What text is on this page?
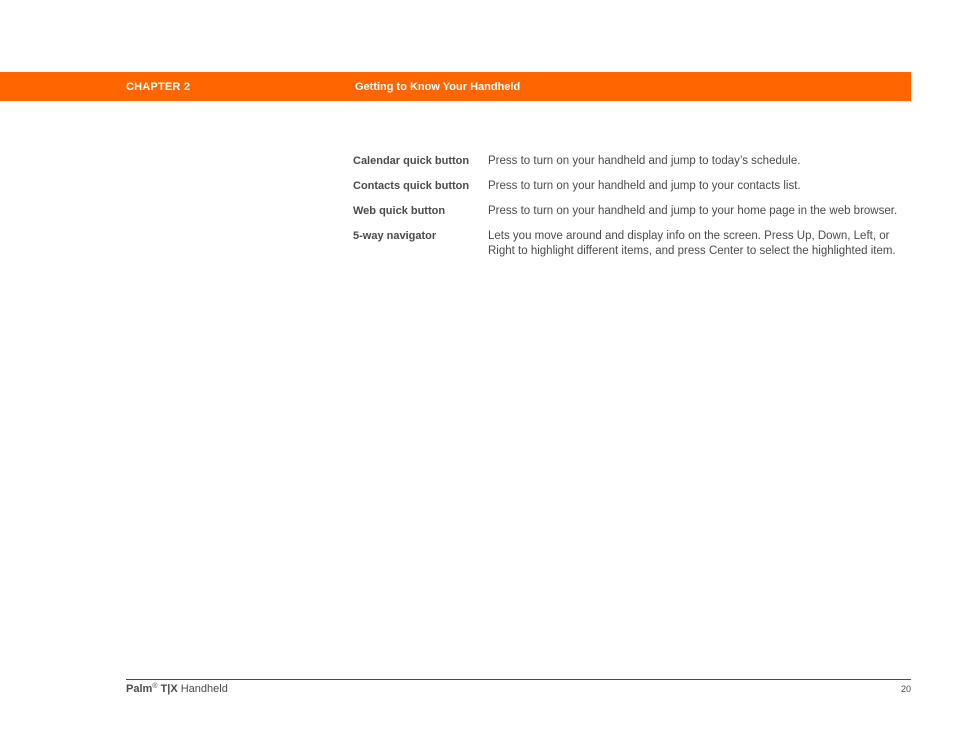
CHAPTER 2	Getting to Know Your Handheld
Calendar quick button	Press to turn on your handheld and jump to today’s schedule.
Contacts quick button	Press to turn on your handheld and jump to your contacts list.
Web quick button	Press to turn on your handheld and jump to your home page in the web browser.
5-way navigator	Lets you move around and display info on the screen. Press Up, Down, Left, or Right to highlight different items, and press Center to select the highlighted item.
Palm® T|X Handheld	20
